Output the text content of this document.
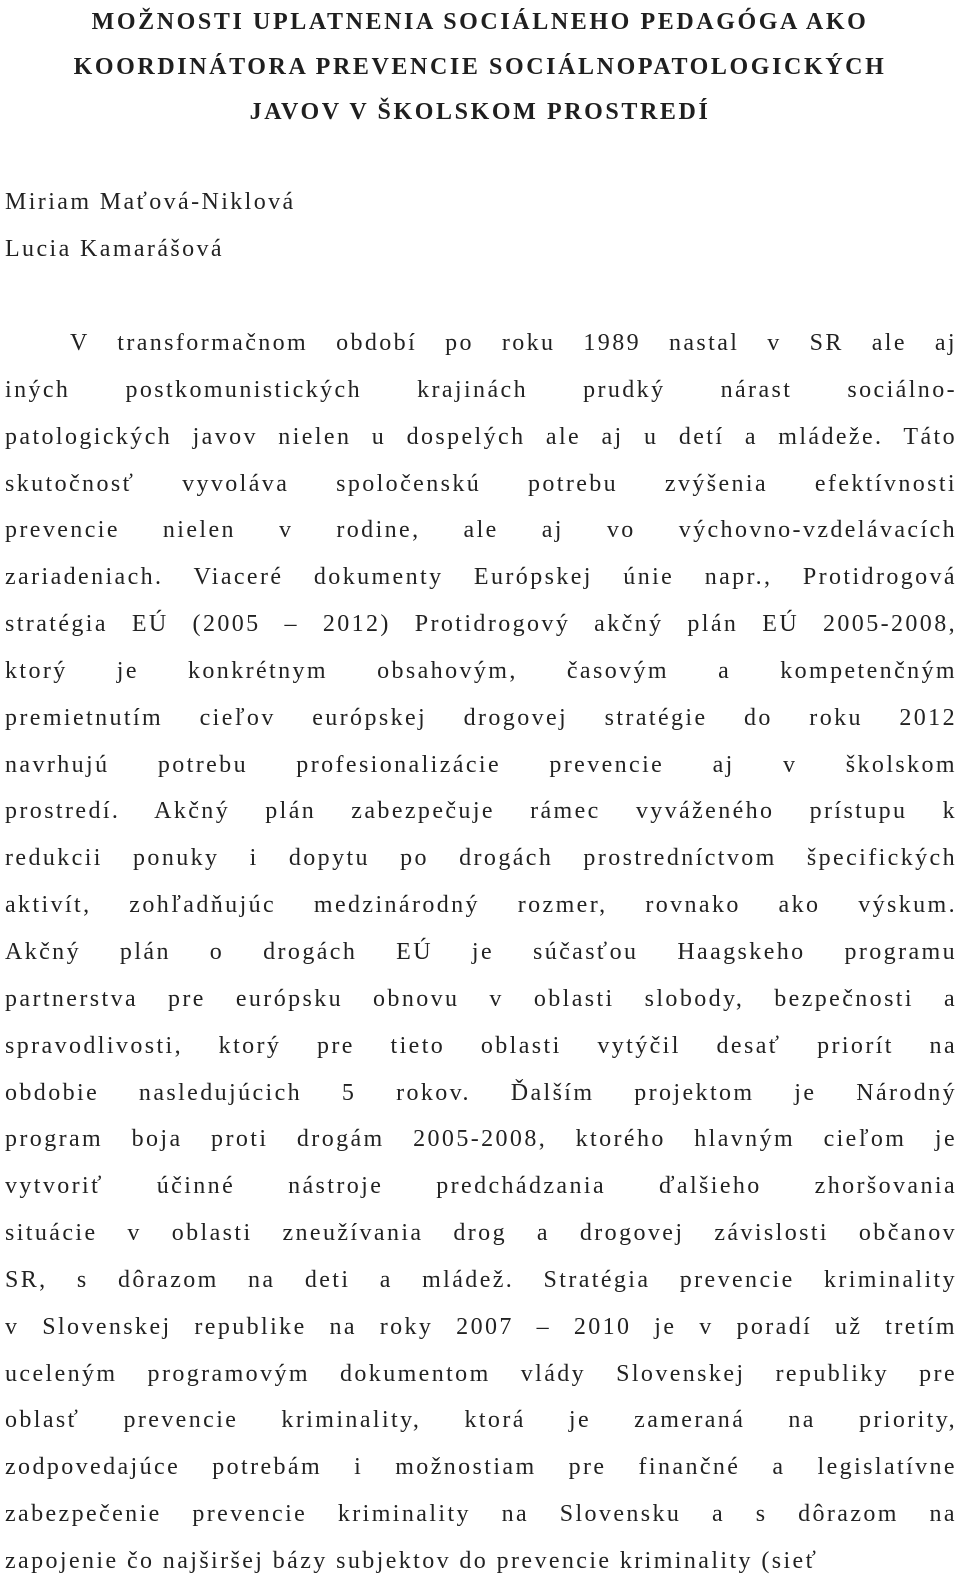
MOŽNOSTI UPLATNENIA SOCIÁLNEHO PEDAGÓGA AKO
KOORDINÁTORA PREVENCIE SOCIÁLNOPATOLOGICKÝCH
JAVOV V ŠKOLSKOM PROSTREDÍ
Miriam Maťová-Niklová
Lucia Kamarášová
V transformačnom období po roku 1989 nastal v SR ale aj
iných postkomunistických krajinách prudký nárast sociálno-
patologických javov nielen u dospelých ale aj u detí a mládeže. Táto
skutočnosť vyvoláva spoločenskú potrebu zvýšenia efektívnosti
prevencie nielen v rodine, ale aj vo výchovno-vzdelávacích
zariadeniach. Viaceré dokumenty Európskej únie napr., Protidrogová
stratégia EÚ (2005 – 2012) Protidrogový akčný plán EÚ 2005-2008,
ktorý je konkrétnym obsahovým, časovým a kompetenčným
premietnutím cieľov európskej drogovej stratégie do roku 2012
navrhujú potrebu profesionalizácie prevencie aj v školskom
prostredí. Akčný plán zabezpečuje rámec vyváženého prístupu k
redukcii ponuky i dopytu po drogách prostredníctvom špecifických
aktivít, zohľadňujúc medzinárodný rozmer, rovnako ako výskum.
Akčný plán o drogách EÚ je súčasťou Haagskeho programu
partnerstva pre európsku obnovu v oblasti slobody, bezpečnosti a
spravodlivosti, ktorý pre tieto oblasti vytýčil desať priorít na
obdobie nasledujúcich 5 rokov. Ďalším projektom je Národný
program boja proti drogám 2005-2008, ktorého hlavným cieľom je
vytvoriť účinné nástroje predchádzania ďalšieho zhoršovania
situácie v oblasti zneužívania drog a drogovej závislosti občanov
SR, s dôrazom na deti a mládež. Stratégia prevencie kriminality
v Slovenskej republike na roky 2007 – 2010 je v poradí už tretím
uceleným programovým dokumentom vlády Slovenskej republiky pre
oblasť prevencie kriminality, ktorá je zameraná na priority,
zodpovedajúce potrebám i možnostiam pre finančné a legislatívne
zabezpečenie prevencie kriminality na Slovensku a s dôrazom na
zapojenie čo najširšej bázy subjektov do prevencie kriminality (sieť
